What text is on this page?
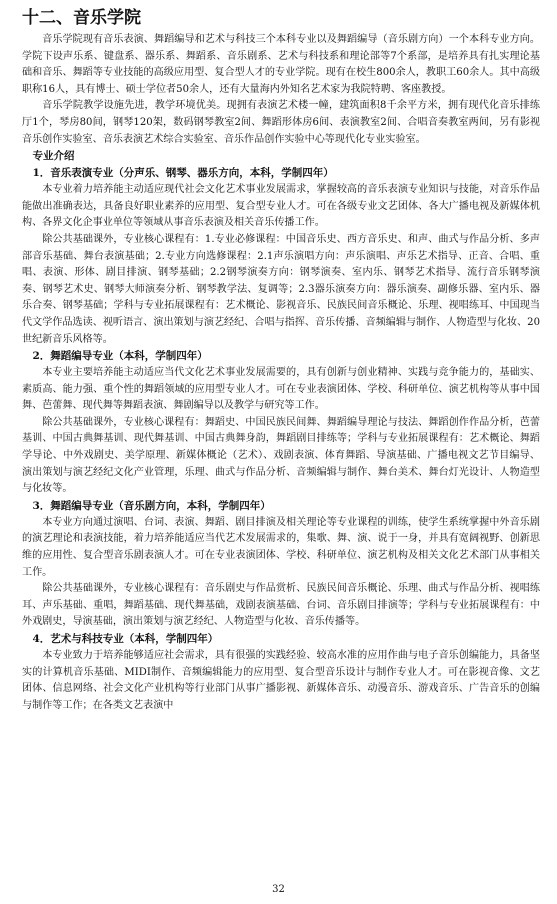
十二、音乐学院

音乐学院现有音乐表演、舞蹈编导和艺术与科技三个本科专业以及舞蹈编导（音乐剧方向）一个本科专业方向。学院下设声乐系、键盘系、器乐系、舞蹈系、音乐剧系、艺术与科技系和理论部等7个系部，是培养具有扎实理论基础和音乐、舞蹈等专业技能的高级应用型、复合型人才的专业学院。现有在校生800余人，教职工60余人。其中高级职称16人，具有博士、硕士学位者50余人，还有大量海内外知名艺术家为我院特聘、客座教授。

音乐学院教学设施先进，教学环境优美。现拥有表演艺术楼一幢，建筑面积8千余平方米，拥有现代化音乐排练厅1个，琴房80间，钢琴120架，数码钢琴教室2间、舞蹈形体房6间、表演教室2间、合唱音奏教室两间，另有影视音乐创作实验室、音乐表演艺术综合实验室、音乐作品创作实验中心等现代化专业实验室。

专业介绍

1．音乐表演专业（分声乐、钢琴、器乐方向，本科，学制四年）

本专业着力培养能主动适应现代社会文化艺术事业发展需求，掌握较高的音乐表演专业知识与技能，对音乐作品能做出准确表达，具备良好职业素养的应用型、复合型专业人才。可在各级专业文艺团体、各大广播电视及新媒体机构、各界文化企事业单位等领域从事音乐表演及相关音乐传播工作。

除公共基础课外，专业核心课程有：1.专业必修课程：中国音乐史、西方音乐史、和声、曲式与作品分析、多声部音乐基础、舞台表演基础；2.专业方向选修课程：2.1声乐演唱方向：声乐演唱、声乐艺术指导、正音、合唱、重唱、表演、形体、剧目排演、钢琴基础；2.2钢琴演奏方向：钢琴演奏、室内乐、钢琴艺术指导、流行音乐钢琴演奏、钢琴艺术史、钢琴大师演奏分析、钢琴教学法、复调等；2.3器乐演奏方向：器乐演奏、副修乐器、室内乐、器乐合奏、钢琴基础；学科与专业拓展课程有：艺术概论、影视音乐、民族民间音乐概论、乐理、视唱练耳、中国现当代文学作品选读、视听语言、演出策划与演艺经纪、合唱与指挥、音乐传播、音频编辑与制作、人物造型与化妆、20世纪新音乐风格等。

2．舞蹈编导专业（本科，学制四年）

本专业主要培养能主动适应当代文化艺术事业发展需要的，具有创新与创业精神、实践与竞争能力的，基础实、素质高、能力强、重个性的舞蹈领域的应用型专业人才。可在专业表演团体、学校、科研单位、演艺机构等从事中国舞、芭蕾舞、现代舞等舞蹈表演、舞剧编导以及教学与研究等工作。

除公共基础课外，专业核心课程有：舞蹈史、中国民族民间舞、舞蹈编导理论与技法、舞蹈创作作品分析，芭蕾基训、中国古典舞基训、现代舞基训、中国古典舞身韵，舞蹈剧目排练等；学科与专业拓展课程有：艺术概论、舞蹈学导论、中外戏剧史、美学原理、新媒体概论（艺术）、戏剧表演、体育舞蹈、导演基础、广播电视文艺节目编导、演出策划与演艺经纪文化产业管理，乐理、曲式与作品分析、音频编辑与制作、舞台美术、舞台灯光设计、人物造型与化妆等。

3．舞蹈编导专业（音乐剧方向，本科，学制四年）

本专业方向通过演唱、台词、表演、舞蹈、剧目排演及相关理论等专业课程的训练，使学生系统掌握中外音乐剧的演艺理论和表演技能，着力培养能适应当代艺术发展需求的，集歌、舞、演、说于一身，并具有宽阔视野、创新思维的应用性、复合型音乐剧表演人才。可在专业表演团体、学校、科研单位、演艺机构及相关文化艺术部门从事相关工作。

除公共基础课外，专业核心课程有：音乐剧史与作品赏析、民族民间音乐概论、乐理、曲式与作品分析、视唱练耳、声乐基础、重唱，舞蹈基础、现代舞基础，戏剧表演基础、台词、音乐剧目排演等；学科与专业拓展课程有：中外戏剧史，导演基础，演出策划与演艺经纪、人物造型与化妆、音乐传播等。

4．艺术与科技专业（本科，学制四年）

本专业致力于培养能够适应社会需求，具有很强的实践经验、较高水准的应用作曲与电子音乐创编能力，具备坚实的计算机音乐基础、MIDI制作、音频编辑能力的应用型、复合型音乐设计与制作专业人才。可在影视音像、文艺团体、信息网络、社会文化产业机构等行业部门从事广播影视、新媒体音乐、动漫音乐、游戏音乐、广告音乐的创编与制作等工作；在各类文艺表演中

32
